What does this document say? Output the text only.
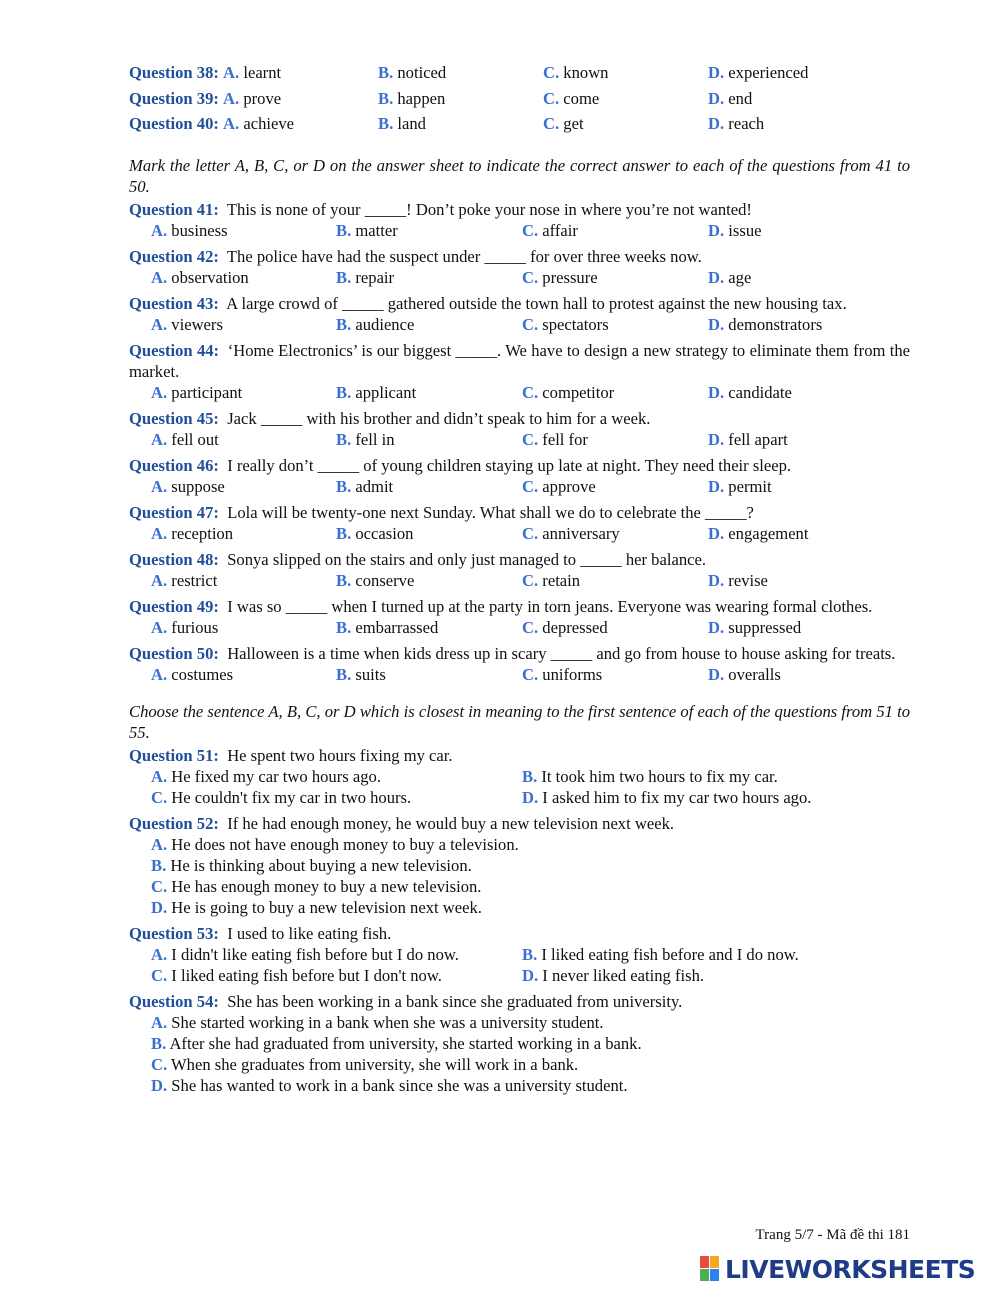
Question 38: A. learnt	B. noticed	C. known	D. experienced
Question 39: A. prove	B. happen	C. come	D. end
Question 40: A. achieve	B. land	C. get	D. reach
Mark the letter A, B, C, or D on the answer sheet to indicate the correct answer to each of the questions from 41 to 50.
Question 41: This is none of your _____! Don’t poke your nose in where you’re not wanted!
A. business	B. matter	C. affair	D. issue
Question 42: The police have had the suspect under _____ for over three weeks now.
A. observation	B. repair	C. pressure	D. age
Question 43: A large crowd of _____ gathered outside the town hall to protest against the new housing tax.
A. viewers	B. audience	C. spectators	D. demonstrators
Question 44: ‘Home Electronics’ is our biggest _____. We have to design a new strategy to eliminate them from the market.
A. participant	B. applicant	C. competitor	D. candidate
Question 45: Jack _____ with his brother and didn’t speak to him for a week.
A. fell out	B. fell in	C. fell for	D. fell apart
Question 46: I really don’t _____ of young children staying up late at night. They need their sleep.
A. suppose	B. admit	C. approve	D. permit
Question 47: Lola will be twenty-one next Sunday. What shall we do to celebrate the _____?
A. reception	B. occasion	C. anniversary	D. engagement
Question 48: Sonya slipped on the stairs and only just managed to _____ her balance.
A. restrict	B. conserve	C. retain	D. revise
Question 49: I was so _____ when I turned up at the party in torn jeans. Everyone was wearing formal clothes.
A. furious	B. embarrassed	C. depressed	D. suppressed
Question 50: Halloween is a time when kids dress up in scary _____ and go from house to house asking for treats.
A. costumes	B. suits	C. uniforms	D. overalls
Choose the sentence A, B, C, or D which is closest in meaning to the first sentence of each of the questions from 51 to 55.
Question 51: He spent two hours fixing my car.
A. He fixed my car two hours ago.	B. It took him two hours to fix my car.
C. He couldn't fix my car in two hours.	D. I asked him to fix my car two hours ago.
Question 52: If he had enough money, he would buy a new television next week.
A. He does not have enough money to buy a television.
B. He is thinking about buying a new television.
C. He has enough money to buy a new television.
D. He is going to buy a new television next week.
Question 53: I used to like eating fish.
A. I didn't like eating fish before but I do now.	B. I liked eating fish before and I do now.
C. I liked eating fish before but I don't now.	D. I never liked eating fish.
Question 54: She has been working in a bank since she graduated from university.
A. She started working in a bank when she was a university student.
B. After she had graduated from university, she started working in a bank.
C. When she graduates from university, she will work in a bank.
D. She has wanted to work in a bank since she was a university student.
Trang 5/7 - Mã đề thi 181
LIVEWORKSHEETS
